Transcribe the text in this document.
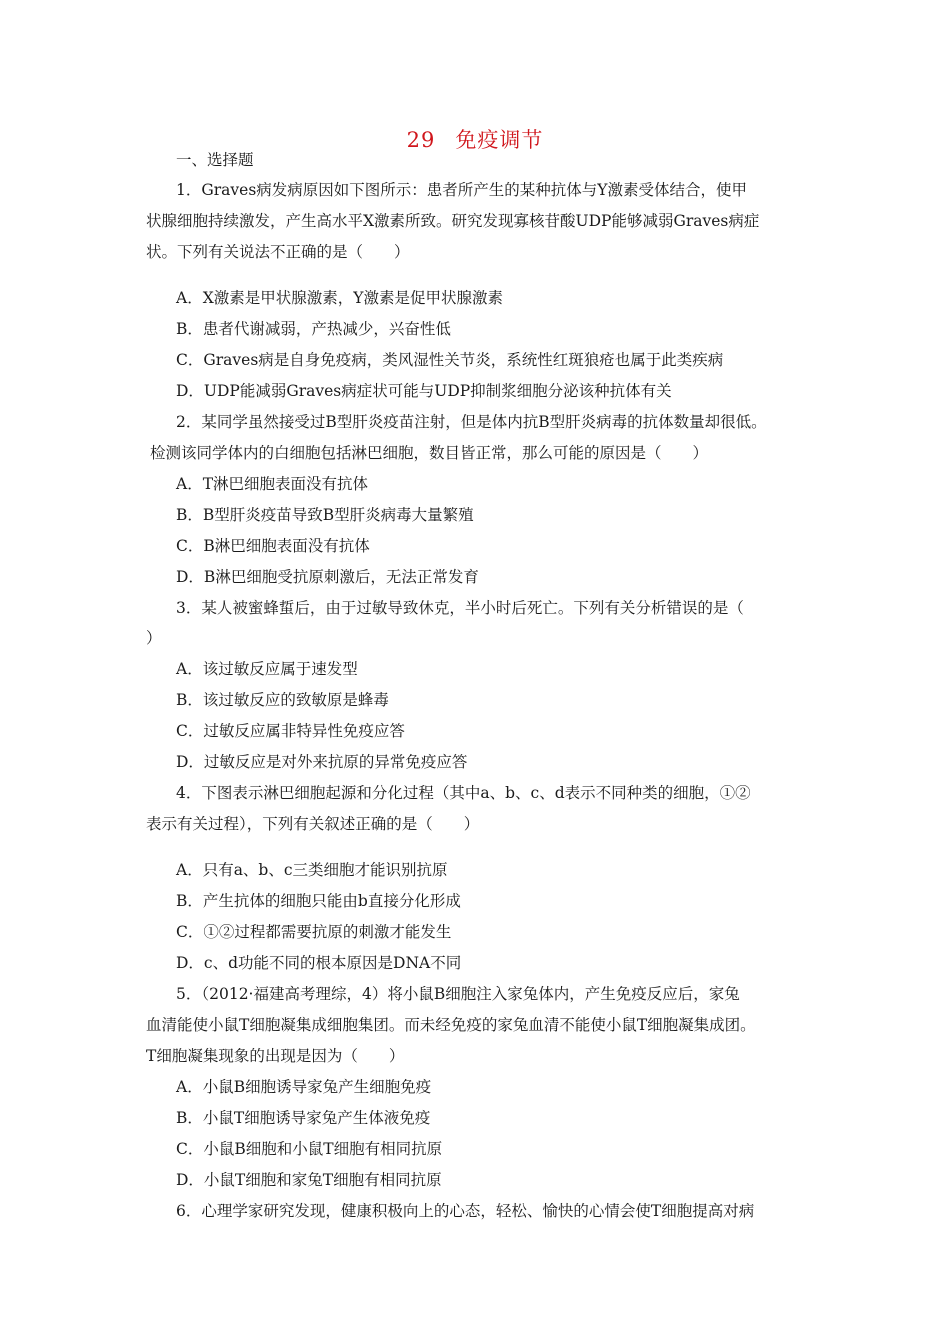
29 免疫调节
一、选择题
1．Graves病发病原因如下图所示：患者所产生的某种抗体与Y激素受体结合，使甲
状腺细胞持续激发，产生高水平X激素所致。研究发现寡核苷酸UDP能够减弱Graves病症
状。下列有关说法不正确的是（　　）
A．X激素是甲状腺激素，Y激素是促甲状腺激素
B．患者代谢减弱，产热减少，兴奋性低
C．Graves病是自身免疫病，类风湿性关节炎，系统性红斑狼疮也属于此类疾病
D．UDP能减弱Graves病症状可能与UDP抑制浆细胞分泌该种抗体有关
2．某同学虽然接受过B型肝炎疫苗注射，但是体内抗B型肝炎病毒的抗体数量却很低。
检测该同学体内的白细胞包括淋巴细胞，数目皆正常，那么可能的原因是（　　）
A．T淋巴细胞表面没有抗体
B．B型肝炎疫苗导致B型肝炎病毒大量繁殖
C．B淋巴细胞表面没有抗体
D．B淋巴细胞受抗原刺激后，无法正常发育
3．某人被蜜蜂蜇后，由于过敏导致休克，半小时后死亡。下列有关分析错误的是（
）
A．该过敏反应属于速发型
B．该过敏反应的致敏原是蜂毒
C．过敏反应属非特异性免疫应答
D．过敏反应是对外来抗原的异常免疫应答
4．下图表示淋巴细胞起源和分化过程（其中a、b、c、d表示不同种类的细胞，①②
表示有关过程），下列有关叙述正确的是（　　）
A．只有a、b、c三类细胞才能识别抗原
B．产生抗体的细胞只能由b直接分化形成
C．①②过程都需要抗原的刺激才能发生
D．c、d功能不同的根本原因是DNA不同
5．（2012·福建高考理综，4）将小鼠B细胞注入家兔体内，产生免疫反应后，家兔
血清能使小鼠T细胞凝集成细胞集团。而未经免疫的家兔血清不能使小鼠T细胞凝集成团。
T细胞凝集现象的出现是因为（　　）
A．小鼠B细胞诱导家兔产生细胞免疫
B．小鼠T细胞诱导家兔产生体液免疫
C．小鼠B细胞和小鼠T细胞有相同抗原
D．小鼠T细胞和家兔T细胞有相同抗原
6．心理学家研究发现，健康积极向上的心态，轻松、愉快的心情会使T细胞提高对病
